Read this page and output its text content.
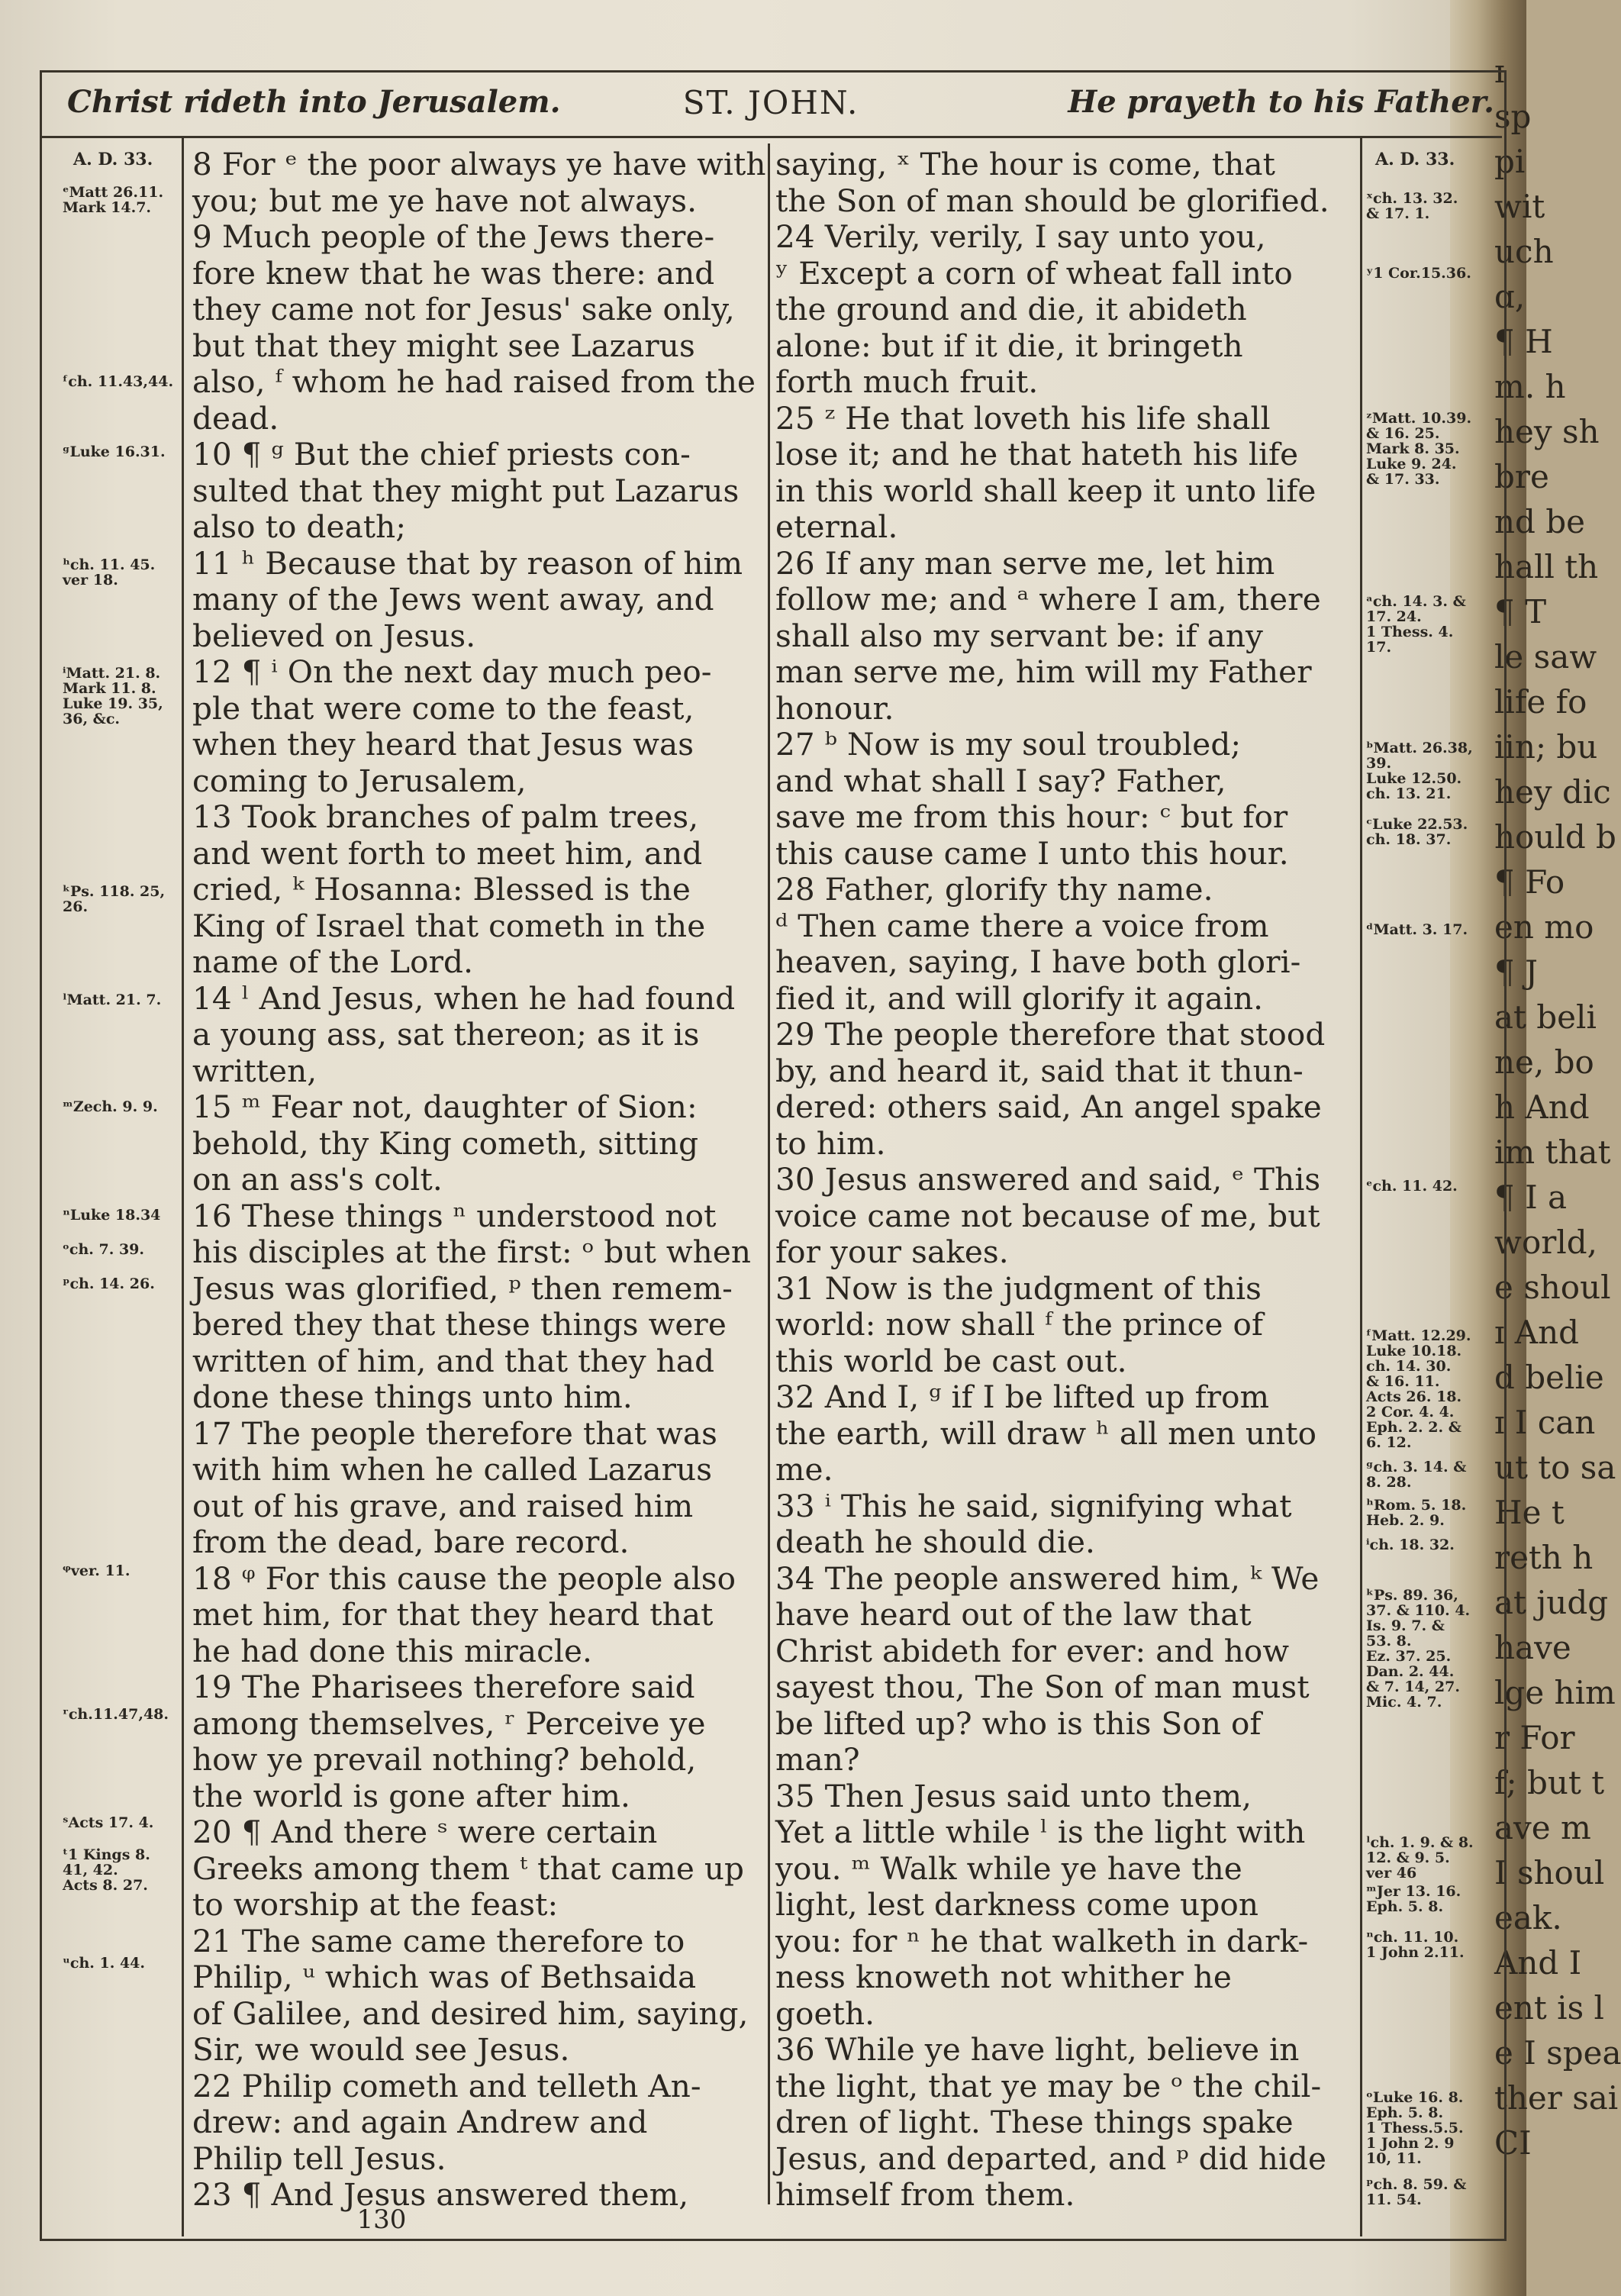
ɪ
sp
pi
wit
uch
ɑ,
¶ H
m. h
hey sh
bre
nd be
hall th
¶ T
le saw
life fo
iin; bu
hey dic
hould b
¶ Fo
en mo
¶ J
at beli
ne, bo
h And
im that
¶ I a
world,
e shoul
ɪ And
d belie
ɪ I can
ut to sa
He t
reth h
at judg
have
lge him
r For
f; but t
ave m
I shoul
eak.
And I
ent is l
e I spea
ther sai
CI
Christ rideth into Jerusalem.	ST. JOHN.	He prayeth to his Father.
A. D. 33.	A. D. 33.
ᵉMatt 26.11.
Mark 14.7.
ᶠch. 11.43,44.
ᵍLuke 16.31.
ʰch. 11. 45.
ver 18.
ⁱMatt. 21. 8.
Mark 11. 8.
Luke 19. 35,
36, &c.
ᵏPs. 118. 25,
26.
ˡMatt. 21. 7.
ᵐZech. 9. 9.
ⁿLuke 18.34
ᵒch. 7. 39.
ᵖch. 14. 26.
ᵠver. 11.
ʳch.11.47,48.
ˢActs 17. 4.
ᵗ1 Kings 8.
41, 42.
Acts 8. 27.
ᵘch. 1. 44.
ˣch. 13. 32.
& 17. 1.
ʸ1 Cor.15.36.
ᶻMatt. 10.39.
& 16. 25.
Mark 8. 35.
Luke 9. 24.
& 17. 33.
ᵃch. 14. 3. &
17. 24.
1 Thess. 4.
17.
ᵇMatt. 26.38,
39.
Luke 12.50.
ch. 13. 21.
ᶜLuke 22.53.
ch. 18. 37.
ᵈMatt. 3. 17.
ᵉch. 11. 42.
ᶠMatt. 12.29.
Luke 10.18.
ch. 14. 30.
& 16. 11.
Acts 26. 18.
2 Cor. 4. 4.
Eph. 2. 2. &
6. 12.
ᵍch. 3. 14. &
8. 28.
ʰRom. 5. 18.
Heb. 2. 9.
ⁱch. 18. 32.
ᵏPs. 89. 36,
37. & 110. 4.
Is. 9. 7. &
53. 8.
Ez. 37. 25.
Dan. 2. 44.
& 7. 14, 27.
Mic. 4. 7.
ˡch. 1. 9. & 8.
12. & 9. 5.
ver 46
ᵐJer 13. 16.
Eph. 5. 8.
ⁿch. 11. 10.
1 John 2.11.
ᵒLuke 16. 8.
Eph. 5. 8.
1 Thess.5.5.
1 John 2. 9
10, 11.
ᵖch. 8. 59. &
11. 54.
8 For ᵉ the poor always ye have with
you; but me ye have not always.
9 Much people of the Jews there-
fore knew that he was there: and
they came not for Jesus' sake only,
but that they might see Lazarus
also, ᶠ whom he had raised from the
dead.
10 ¶ ᵍ But the chief priests con-
sulted that they might put Lazarus
also to death;
11 ʰ Because that by reason of him
many of the Jews went away, and
believed on Jesus.
12 ¶ ⁱ On the next day much peo-
ple that were come to the feast,
when they heard that Jesus was
coming to Jerusalem,
13 Took branches of palm trees,
and went forth to meet him, and
cried, ᵏ Hosanna: Blessed is the
King of Israel that cometh in the
name of the Lord.
14 ˡ And Jesus, when he had found
a young ass, sat thereon; as it is
written,
15 ᵐ Fear not, daughter of Sion:
behold, thy King cometh, sitting
on an ass's colt.
16 These things ⁿ understood not
his disciples at the first: ᵒ but when
Jesus was glorified, ᵖ then remem-
bered they that these things were
written of him, and that they had
done these things unto him.
17 The people therefore that was
with him when he called Lazarus
out of his grave, and raised him
from the dead, bare record.
18 ᵠ For this cause the people also
met him, for that they heard that
he had done this miracle.
19 The Pharisees therefore said
among themselves, ʳ Perceive ye
how ye prevail nothing? behold,
the world is gone after him.
20 ¶ And there ˢ were certain
Greeks among them ᵗ that came up
to worship at the feast:
21 The same came therefore to
Philip, ᵘ which was of Bethsaida
of Galilee, and desired him, saying,
Sir, we would see Jesus.
22 Philip cometh and telleth An-
drew: and again Andrew and
Philip tell Jesus.
23 ¶ And Jesus answered them,
saying, ˣ The hour is come, that
the Son of man should be glorified.
24 Verily, verily, I say unto you,
ʸ Except a corn of wheat fall into
the ground and die, it abideth
alone: but if it die, it bringeth
forth much fruit.
25 ᶻ He that loveth his life shall
lose it; and he that hateth his life
in this world shall keep it unto life
eternal.
26 If any man serve me, let him
follow me; and ᵃ where I am, there
shall also my servant be: if any
man serve me, him will my Father
honour.
27 ᵇ Now is my soul troubled;
and what shall I say? Father,
save me from this hour: ᶜ but for
this cause came I unto this hour.
28 Father, glorify thy name.
ᵈ Then came there a voice from
heaven, saying, I have both glori-
fied it, and will glorify it again.
29 The people therefore that stood
by, and heard it, said that it thun-
dered: others said, An angel spake
to him.
30 Jesus answered and said, ᵉ This
voice came not because of me, but
for your sakes.
31 Now is the judgment of this
world: now shall ᶠ the prince of
this world be cast out.
32 And I, ᵍ if I be lifted up from
the earth, will draw ʰ all men unto
me.
33 ⁱ This he said, signifying what
death he should die.
34 The people answered him, ᵏ We
have heard out of the law that
Christ abideth for ever: and how
sayest thou, The Son of man must
be lifted up? who is this Son of
man?
35 Then Jesus said unto them,
Yet a little while ˡ is the light with
you. ᵐ Walk while ye have the
light, lest darkness come upon
you: for ⁿ he that walketh in dark-
ness knoweth not whither he
goeth.
36 While ye have light, believe in
the light, that ye may be ᵒ the chil-
dren of light. These things spake
Jesus, and departed, and ᵖ did hide
himself from them.
130
